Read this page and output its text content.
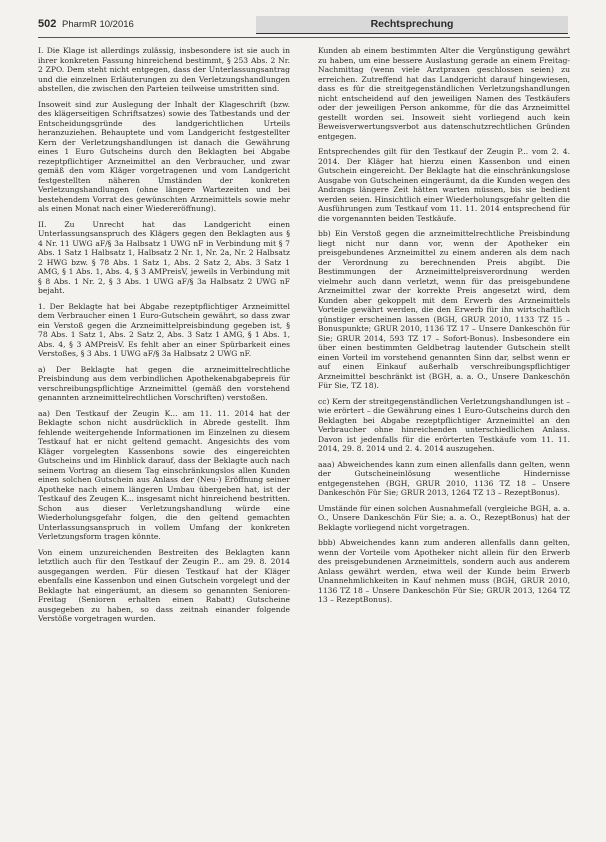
502 PharmR 10/2016	Rechtsprechung

I. Die Klage ist allerdings zulässig, insbesondere ist sie auch in ihrer konkreten Fassung hinreichend bestimmt, § 253 Abs. 2 Nr. 2 ZPO. Dem steht nicht entgegen, dass der Unterlassungsantrag und die einzelnen Erläuterungen zu den Verletzungshandlungen abstellen, die zwischen den Parteien teilweise umstritten sind.

Insoweit sind zur Auslegung der Inhalt der Klageschrift (bzw. des klägerseitigen Schriftsatzes) sowie des Tatbestands und der Entscheidungsgründe des landgerichtlichen Urteils heranzuziehen. Behauptete und vom Landgericht festgestellter Kern der Verletzungshandlungen ist danach die Gewährung eines 1 Euro Gutscheins durch den Beklagten bei Abgabe rezeptpflichtiger Arzneimittel an den Verbraucher, und zwar gemäß den vom Kläger vorgetragenen und vom Landgericht festgestellten näheren Umständen der konkreten Verletzungshandlungen (ohne längere Wartezeiten und bei bestehendem Vorrat des gewünschten Arzneimittels sowie mehr als einen Monat nach einer Wiedereröffnung).

II. Zu Unrecht hat das Landgericht einen Unterlassungsanspruch des Klägers gegen den Beklagten aus § 4 Nr. 11 UWG aF/§ 3a Halbsatz 1 UWG nF in Verbindung mit § 7 Abs. 1 Satz 1 Halbsatz 1, Halbsatz 2 Nr. 1, Nr. 2a, Nr. 2 Halbsatz 2 HWG bzw. § 78 Abs. 1 Satz 1, Abs. 2 Satz 2, Abs. 3 Satz 1 AMG, § 1 Abs. 1, Abs. 4, § 3 AMPreisV, jeweils in Verbindung mit § 8 Abs. 1 Nr. 2, § 3 Abs. 1 UWG aF/§ 3a Halbsatz 2 UWG nF bejaht.

1. Der Beklagte hat bei Abgabe rezeptpflichtiger Arzneimittel dem Verbraucher einen 1 Euro-Gutschein gewährt, so dass zwar ein Verstoß gegen die Arzneimittelpreisbindung gegeben ist, § 78 Abs. 1 Satz 1, Abs. 2 Satz 2, Abs. 3 Satz 1 AMG, § 1 Abs. 1, Abs. 4, § 3 AMPreisV. Es fehlt aber an einer Spürbarkeit eines Verstoßes, § 3 Abs. 1 UWG aF/§ 3a Halbsatz 2 UWG nF.

a) Der Beklagte hat gegen die arzneimittelrechtliche Preisbindung aus dem verbindlichen Apothekenabgabepreis für verschreibungspflichtige Arzneimittel (gemäß den vorstehend genannten arzneimittelrechtlichen Vorschriften) verstoßen.

aa) Den Testkauf der Zeugin K... am 11. 11. 2014 hat der Beklagte schon nicht ausdrücklich in Abrede gestellt. Ihm fehlende weitergehende Informationen im Einzelnen zu diesem Testkauf hat er nicht geltend gemacht. Angesichts des vom Kläger vorgelegten Kassenbons sowie des eingereichten Gutscheins und im Hinblick darauf, dass der Beklagte auch nach seinem Vortrag an diesem Tag einschränkungslos allen Kunden einen solchen Gutschein aus Anlass der (Neu-) Eröffnung seiner Apotheke nach einem längeren Umbau übergeben hat, ist der Testkauf des Zeugen K... insgesamt nicht hinreichend bestritten. Schon aus dieser Verletzungshandlung würde eine Wiederholungsgefahr folgen, die den geltend gemachten Unterlassungsanspruch in vollem Umfang der konkreten Verletzungsform tragen könnte.

Von einem unzureichenden Bestreiten des Beklagten kann letztlich auch für den Testkauf der Zeugin P... am 29. 8. 2014 ausgegangen werden. Für diesen Testkauf hat der Kläger ebenfalls eine Kassenbon und einen Gutschein vorgelegt und der Beklagte hat eingeräumt, an diesem so genannten Senioren-Freitag (Senioren erhalten einen Rabatt) Gutscheine ausgegeben zu haben, so dass zeitnah einander folgende Verstöße vorgetragen wurden.

Kunden ab einem bestimmten Alter die Vergünstigung gewährt zu haben, um eine bessere Auslastung gerade an einem Freitag-Nachmittag (wenn viele Arztpraxen geschlossen seien) zu erreichen. Zutreffend hat das Landgericht darauf hingewiesen, dass es für die streitgegenständlichen Verletzungshandlungen nicht entscheidend auf den jeweiligen Namen des Testkäufers oder der jeweiligen Person ankomme, für die das Arzneimittel gestellt worden sei. Insoweit sieht vorliegend auch kein Beweisverwertungsverbot aus datenschutzrechtlichen Gründen entgegen.

Entsprechendes gilt für den Testkauf der Zeugin P... vom 2. 4. 2014. Der Kläger hat hierzu einen Kassenbon und einen Gutschein eingereicht. Der Beklagte hat die einschränkungslose Ausgabe von Gutscheinen eingeräumt, da die Kunden wegen des Andrangs längere Zeit hätten warten müssen, bis sie bedient werden seien. Hinsichtlich einer Wiederholungsgefahr gelten die Ausführungen zum Testkauf vom 11. 11. 2014 entsprechend für die vorgenannten beiden Testkäufe.

bb) Ein Verstoß gegen die arzneimittelrechtliche Preisbindung liegt nicht nur dann vor, wenn der Apotheker ein preisgebundenes Arzneimittel zu einem anderen als dem nach der Verordnung zu berechnenden Preis abgibt. Die Bestimmungen der Arzneimittelpreisverordnung werden vielmehr auch dann verletzt, wenn für das preisgebundene Arzneimittel zwar der korrekte Preis angesetzt wird, dem Kunden aber gekoppelt mit dem Erwerb des Arzneimittels Vorteile gewährt werden, die den Erwerb für ihn wirtschaftlich günstiger erscheinen lassen (BGH, GRUR 2010, 1133 TZ 15 – Bonuspunkte; GRUR 2010, 1136 TZ 17 – Unsere Dankeschön für Sie; GRUR 2014, 593 TZ 17 – Sofort-Bonus). Insbesondere ein über einen bestimmten Geldbetrag lautender Gutschein stellt einen Vorteil im vorstehend genannten Sinn dar, selbst wenn er auf einen Einkauf außerhalb verschreibungspflichtiger Arzneimittel beschränkt ist (BGH, a. a. O., Unsere Dankeschön Für Sie, TZ 18).

cc) Kern der streitgegenständlichen Verletzungshandlungen ist – wie erörtert – die Gewährung eines 1 Euro-Gutscheins durch den Beklagten bei Abgabe rezeptpflichtiger Arzneimittel an den Verbraucher ohne hinreichenden unterschiedlichen Anlass. Davon ist jedenfalls für die erörterten Testkäufe vom 11. 11. 2014, 29. 8. 2014 und 2. 4. 2014 auszugehen.

aaa) Abweichendes kann zum einen allenfalls dann gelten, wenn der Gutscheineinlösung wesentliche Hindernisse entgegenstehen (BGH, GRUR 2010, 1136 TZ 18 – Unsere Dankeschön Für Sie; GRUR 2013, 1264 TZ 13 – RezeptBonus).

Umstände für einen solchen Ausnahmefall (vergleiche BGH, a. a. O., Unsere Dankeschön Für Sie; a. a. O., RezeptBonus) hat der Beklagte vorliegend nicht vorgetragen.

bbb) Abweichendes kann zum anderen allenfalls dann gelten, wenn der Vorteile vom Apotheker nicht allein für den Erwerb des preisgebundenen Arzneimittels, sondern auch aus anderem Anlass gewährt werden, etwa weil der Kunde beim Erwerb Unannehmlichkeiten in Kauf nehmen muss (BGH, GRUR 2010, 1136 TZ 18 – Unsere Dankeschön Für Sie; GRUR 2013, 1264 TZ 13 – RezeptBonus).
